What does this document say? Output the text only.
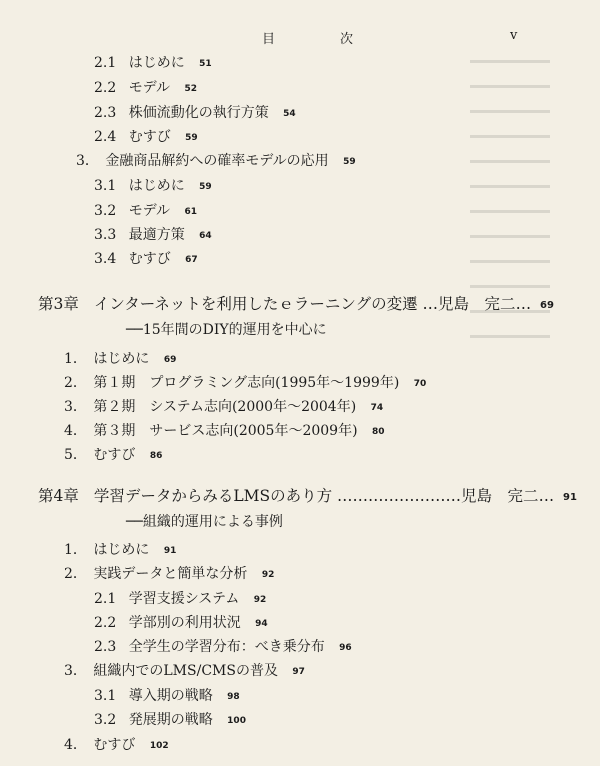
目　次	v
2.1 はじめに 51
2.2 モデル 52
2.3 株価流動化の執行方策 54
2.4 むすび 59
3． 金融商品解約への確率モデルの応用 59
3.1 はじめに 59
3.2 モデル 61
3.3 最適方策 64
3.4 むすび 67
第3章 インターネットを利用したｅラーニングの変遷 …児島　完二… 69
──15年間のDIY的運用を中心に
1． はじめに 69
2． 第１期　プログラミング志向(1995年〜1999年) 70
3． 第２期　システム志向(2000年〜2004年) 74
4． 第３期　サービス志向(2005年〜2009年) 80
5． むすび 86
第4章 学習データからみるLMSのあり方 ……………………児島　完二… 91
──組織的運用による事例
1． はじめに 91
2． 実践データと簡単な分析 92
2.1 学習支援システム 92
2.2 学部別の利用状況 94
2.3 全学生の学習分布：べき乗分布 96
3． 組織内でのLMS/CMSの普及 97
3.1 導入期の戦略 98
3.2 発展期の戦略 100
4． むすび 102
